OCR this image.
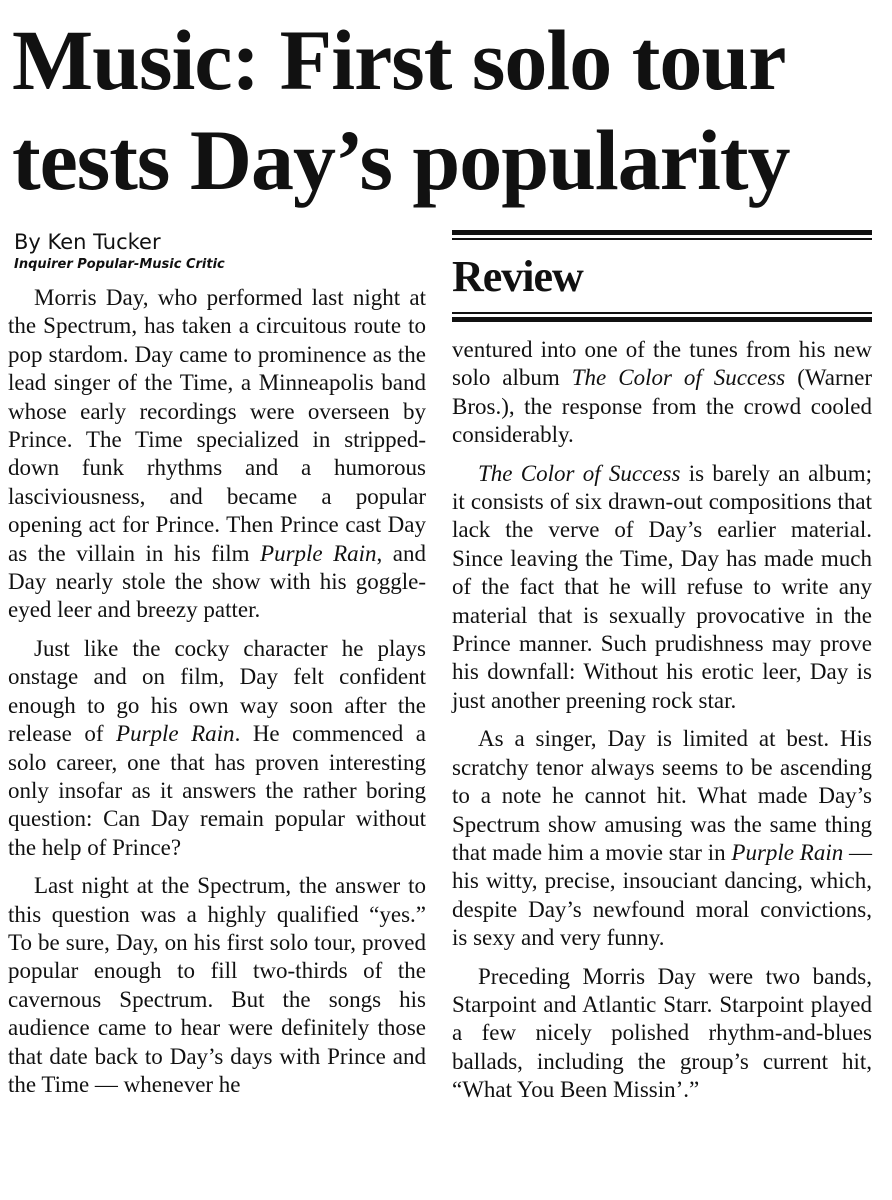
Music: First solo tour
tests Day’s popularity
By Ken Tucker
Inquirer Popular-Music Critic

Morris Day, who performed last night at the Spectrum, has taken a circuitous route to pop stardom. Day came to prominence as the lead singer of the Time, a Minneapolis band whose early recordings were overseen by Prince. The Time specialized in stripped-down funk rhythms and a humorous lasciviousness, and became a popular opening act for Prince. Then Prince cast Day as the villain in his film Purple Rain, and Day nearly stole the show with his goggle-eyed leer and breezy patter.

Just like the cocky character he plays onstage and on film, Day felt confident enough to go his own way soon after the release of Purple Rain. He commenced a solo career, one that has proven interesting only insofar as it answers the rather boring question: Can Day remain popular without the help of Prince?

Last night at the Spectrum, the answer to this question was a highly qualified “yes.” To be sure, Day, on his first solo tour, proved popular enough to fill two-thirds of the cavernous Spectrum. But the songs his audience came to hear were definitely those that date back to Day’s days with Prince and the Time — whenever he

Review

ventured into one of the tunes from his new solo album The Color of Success (Warner Bros.), the response from the crowd cooled considerably.

The Color of Success is barely an album; it consists of six drawn-out compositions that lack the verve of Day’s earlier material. Since leaving the Time, Day has made much of the fact that he will refuse to write any material that is sexually provocative in the Prince manner. Such prudishness may prove his downfall: Without his erotic leer, Day is just another preening rock star.

As a singer, Day is limited at best. His scratchy tenor always seems to be ascending to a note he cannot hit. What made Day’s Spectrum show amusing was the same thing that made him a movie star in Purple Rain — his witty, precise, insouciant dancing, which, despite Day’s newfound moral convictions, is sexy and very funny.

Preceding Morris Day were two bands, Starpoint and Atlantic Starr. Starpoint played a few nicely polished rhythm-and-blues ballads, including the group’s current hit, “What You Been Missin’.”
